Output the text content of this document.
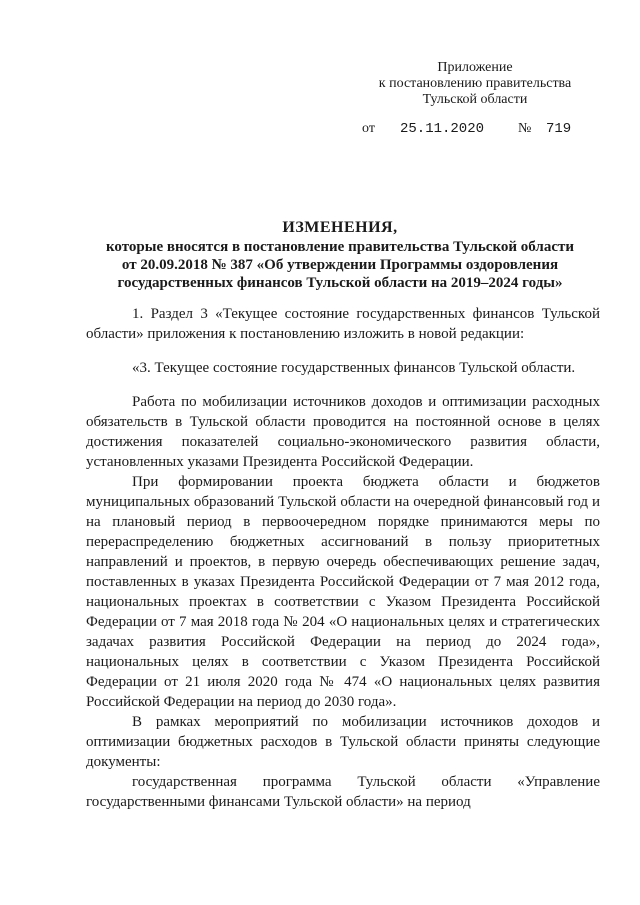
Приложение
к постановлению правительства
Тульской области
от 25.11.2020 № 719
ИЗМЕНЕНИЯ,
которые вносятся в постановление правительства Тульской области
от 20.09.2018 № 387 «Об утверждении Программы оздоровления
государственных финансов Тульской области на 2019–2024 годы»

1. Раздел 3 «Текущее состояние государственных финансов Тульской области» приложения к постановлению изложить в новой редакции:

«3. Текущее состояние государственных финансов Тульской области.

Работа по мобилизации источников доходов и оптимизации расходных обязательств в Тульской области проводится на постоянной основе в целях достижения показателей социально-экономического развития области, установленных указами Президента Российской Федерации.

При формировании проекта бюджета области и бюджетов муниципальных образований Тульской области на очередной финансовый год и на плановый период в первоочередном порядке принимаются меры по перераспределению бюджетных ассигнований в пользу приоритетных направлений и проектов, в первую очередь обеспечивающих решение задач, поставленных в указах Президента Российской Федерации от 7 мая 2012 года, национальных проектах в соответствии с Указом Президента Российской Федерации от 7 мая 2018 года № 204 «О национальных целях и стратегических задачах развития Российской Федерации на период до 2024 года», национальных целях в соответствии с Указом Президента Российской Федерации от 21 июля 2020 года № 474 «О национальных целях развития Российской Федерации на период до 2030 года».

В рамках мероприятий по мобилизации источников доходов и оптимизации бюджетных расходов в Тульской области приняты следующие документы:

государственная программа Тульской области «Управление государственными финансами Тульской области» на период
